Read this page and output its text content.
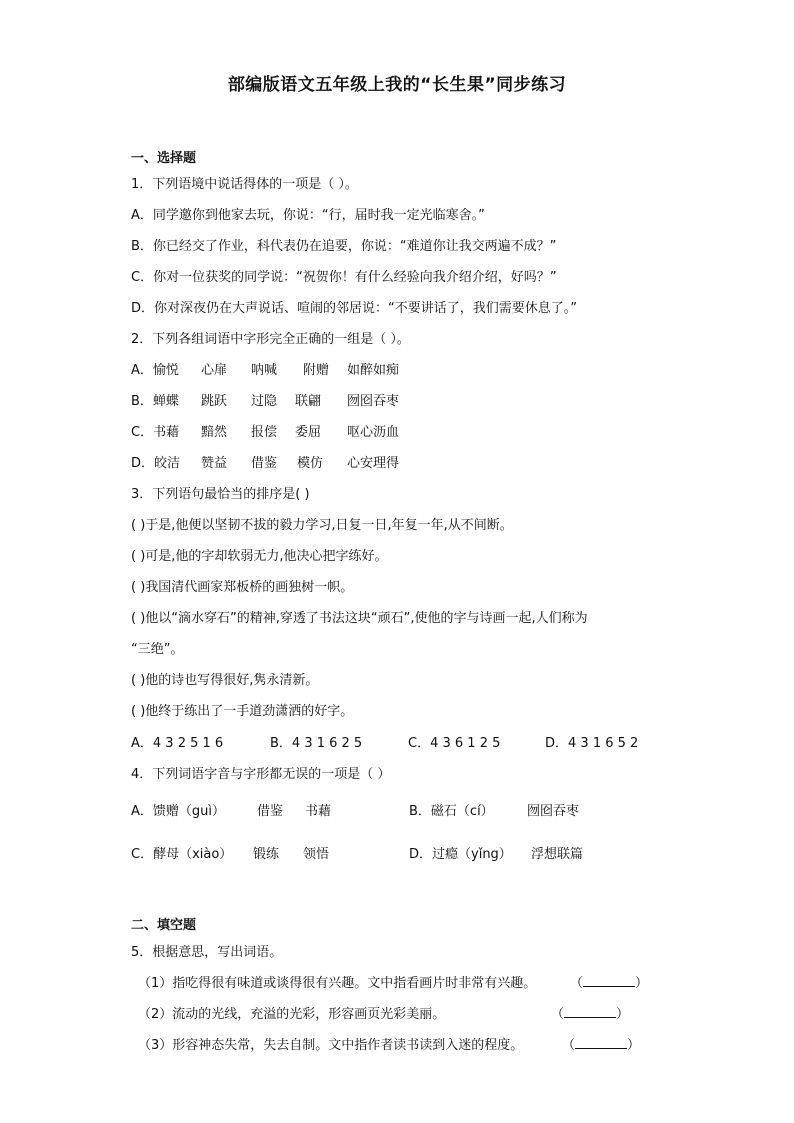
部编版语文五年级上我的“长生果”同步练习
一、选择题
1．下列语境中说话得体的一项是（ ）。
A．同学邀你到他家去玩，你说：“行，届时我一定光临寒舍。”
B．你已经交了作业，科代表仍在追要，你说：“难道你让我交两遍不成？”
C．你对一位获奖的同学说：“祝贺你！有什么经验向我介绍介绍，好吗？”
D．你对深夜仍在大声说话、喧闹的邻居说：“不要讲话了，我们需要休息了。”
2．下列各组词语中字形完全正确的一组是（ ）。
A．愉悦 心扉 呐喊 附赠 如醉如痴
B．蝉蝶 跳跃 过隐 联翩 囫囵吞枣
C．书藉 黯然 报偿 委屈 呕心沥血
D．皎洁 赞益 借鉴 模仿 心安理得
3．下列语句最恰当的排序是( )
( )于是,他便以坚韧不拔的毅力学习,日复一日,年复一年,从不间断。
( )可是,他的字却软弱无力,他决心把字练好。
( )我国清代画家郑板桥的画独树一帜。
( )他以“滴水穿石”的精神,穿透了书法这块“顽石”,使他的字与诗画一起,人们称为
“三绝”。
( )他的诗也写得很好,隽永清新。
( )他终于练出了一手道劲潇洒的好字。
A．4 3 2 5 1 6	B．4 3 1 6 2 5	C．4 3 6 1 2 5	D．4 3 1 6 5 2
4．下列词语字音与字形都无误的一项是（ ）
A．馈赠（guì） 借鉴 书藉	B．磁石（cí）	囫囵吞枣
C．酵母（xiào） 锻练 领悟	D．过瘾（yǐng） 浮想联篇
二、填空题
5．根据意思，写出词语。
（1）指吃得很有味道或谈得很有兴趣。文中指看画片时非常有兴趣。	（	）
（2）流动的光线，充溢的光彩，形容画页光彩美丽。	（	）
（3）形容神态失常，失去自制。文中指作者读书读到入迷的程度。	（	）
